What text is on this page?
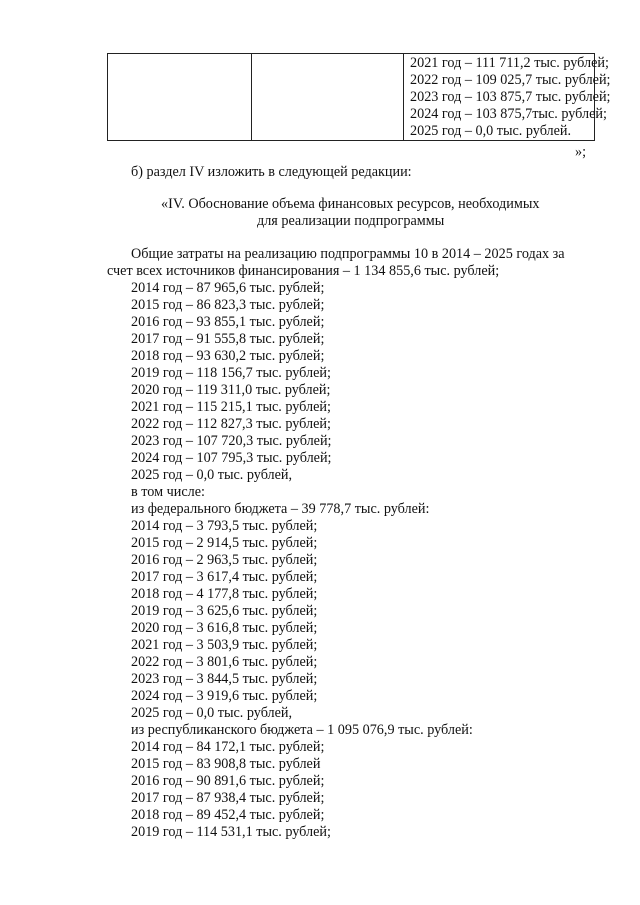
2021 год – 111 711,2 тыс. рублей;
2022 год – 109 025,7 тыс. рублей;
2023 год – 103 875,7 тыс. рублей;
2024 год – 103 875,7тыс. рублей;
2025 год – 0,0 тыс. рублей.
»;
б) раздел IV изложить в следующей редакции:
«IV. Обоснование объема финансовых ресурсов, необходимых
для реализации подпрограммы
Общие затраты на реализацию подпрограммы 10 в 2014 – 2025 годах за
счет всех источников финансирования – 1 134 855,6 тыс. рублей;
2014 год – 87 965,6 тыс. рублей;
2015 год – 86 823,3 тыс. рублей;
2016 год – 93 855,1 тыс. рублей;
2017 год – 91 555,8 тыс. рублей;
2018 год – 93 630,2 тыс. рублей;
2019 год – 118 156,7 тыс. рублей;
2020 год – 119 311,0 тыс. рублей;
2021 год – 115 215,1 тыс. рублей;
2022 год – 112 827,3 тыс. рублей;
2023 год – 107 720,3 тыс. рублей;
2024 год – 107 795,3 тыс. рублей;
2025 год – 0,0 тыс. рублей,
в том числе:
из федерального бюджета – 39 778,7 тыс. рублей:
2014 год – 3 793,5 тыс. рублей;
2015 год – 2 914,5 тыс. рублей;
2016 год – 2 963,5 тыс. рублей;
2017 год – 3 617,4 тыс. рублей;
2018 год – 4 177,8 тыс. рублей;
2019 год – 3 625,6 тыс. рублей;
2020 год – 3 616,8 тыс. рублей;
2021 год – 3 503,9 тыс. рублей;
2022 год – 3 801,6 тыс. рублей;
2023 год – 3 844,5 тыс. рублей;
2024 год – 3 919,6 тыс. рублей;
2025 год – 0,0 тыс. рублей,
из республиканского бюджета – 1 095 076,9 тыс. рублей:
2014 год – 84 172,1 тыс. рублей;
2015 год – 83 908,8 тыс. рублей
2016 год – 90 891,6 тыс. рублей;
2017 год – 87 938,4 тыс. рублей;
2018 год – 89 452,4 тыс. рублей;
2019 год – 114 531,1 тыс. рублей;
